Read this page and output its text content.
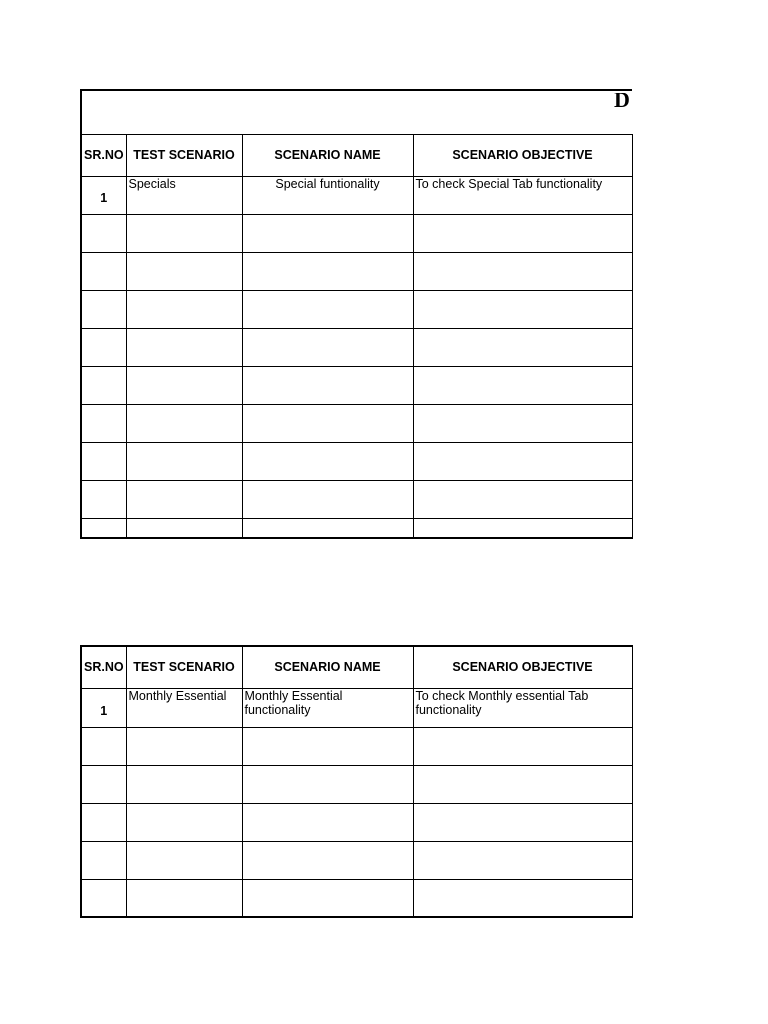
D			

SR.NO	TEST SCENARIO	SCENARIO NAME	SCENARIO OBJECTIVE
1	Specials	Special funtionality	To check Special Tab functionality

SR.NO	TEST SCENARIO	SCENARIO NAME	SCENARIO OBJECTIVE
1	Monthly Essential	Monthly Essential functionality	To check Monthly essential Tab functionality
